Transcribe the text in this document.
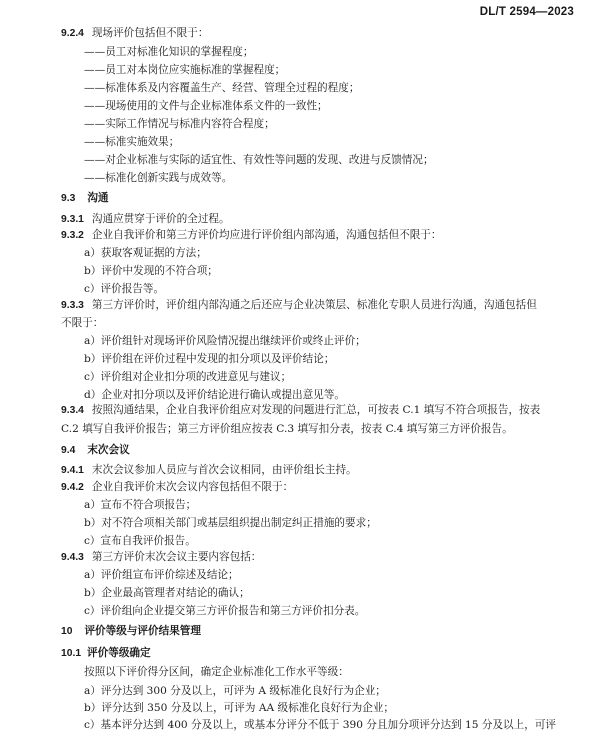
DL/T 2594—2023
9.2.4 现场评价包括但不限于：
——员工对标准化知识的掌握程度；
——员工对本岗位应实施标准的掌握程度；
——标准体系及内容覆盖生产、经营、管理全过程的程度；
——现场使用的文件与企业标准体系文件的一致性；
——实际工作情况与标准内容符合程度；
——标准实施效果；
——对企业标准与实际的适宜性、有效性等问题的发现、改进与反馈情况；
——标准化创新实践与成效等。
9.3 沟通
9.3.1 沟通应贯穿于评价的全过程。
9.3.2 企业自我评价和第三方评价均应进行评价组内部沟通，沟通包括但不限于：
a）获取客观证据的方法；
b）评价中发现的不符合项；
c）评价报告等。
9.3.3 第三方评价时，评价组内部沟通之后还应与企业决策层、标准化专职人员进行沟通，沟通包括但
不限于：
a）评价组针对现场评价风险情况提出继续评价或终止评价；
b）评价组在评价过程中发现的扣分项以及评价结论；
c）评价组对企业扣分项的改进意见与建议；
d）企业对扣分项以及评价结论进行确认或提出意见等。
9.3.4 按照沟通结果，企业自我评价组应对发现的问题进行汇总，可按表 C.1 填写不符合项报告，按表
C.2 填写自我评价报告；第三方评价组应按表 C.3 填写扣分表，按表 C.4 填写第三方评价报告。
9.4 末次会议
9.4.1 末次会议参加人员应与首次会议相同，由评价组长主持。
9.4.2 企业自我评价末次会议内容包括但不限于：
a）宣布不符合项报告；
b）对不符合项相关部门或基层组织提出制定纠正措施的要求；
c）宣布自我评价报告。
9.4.3 第三方评价末次会议主要内容包括：
a）评价组宣布评价综述及结论；
b）企业最高管理者对结论的确认；
c）评价组向企业提交第三方评价报告和第三方评价扣分表。
10 评价等级与评价结果管理
10.1 评价等级确定
按照以下评价得分区间，确定企业标准化工作水平等级：
a）评分达到 300 分及以上，可评为 A 级标准化良好行为企业；
b）评分达到 350 分及以上，可评为 AA 级标准化良好行为企业；
c）基本评分达到 400 分及以上，或基本分评分不低于 390 分且加分项评分达到 15 分及以上，可评
